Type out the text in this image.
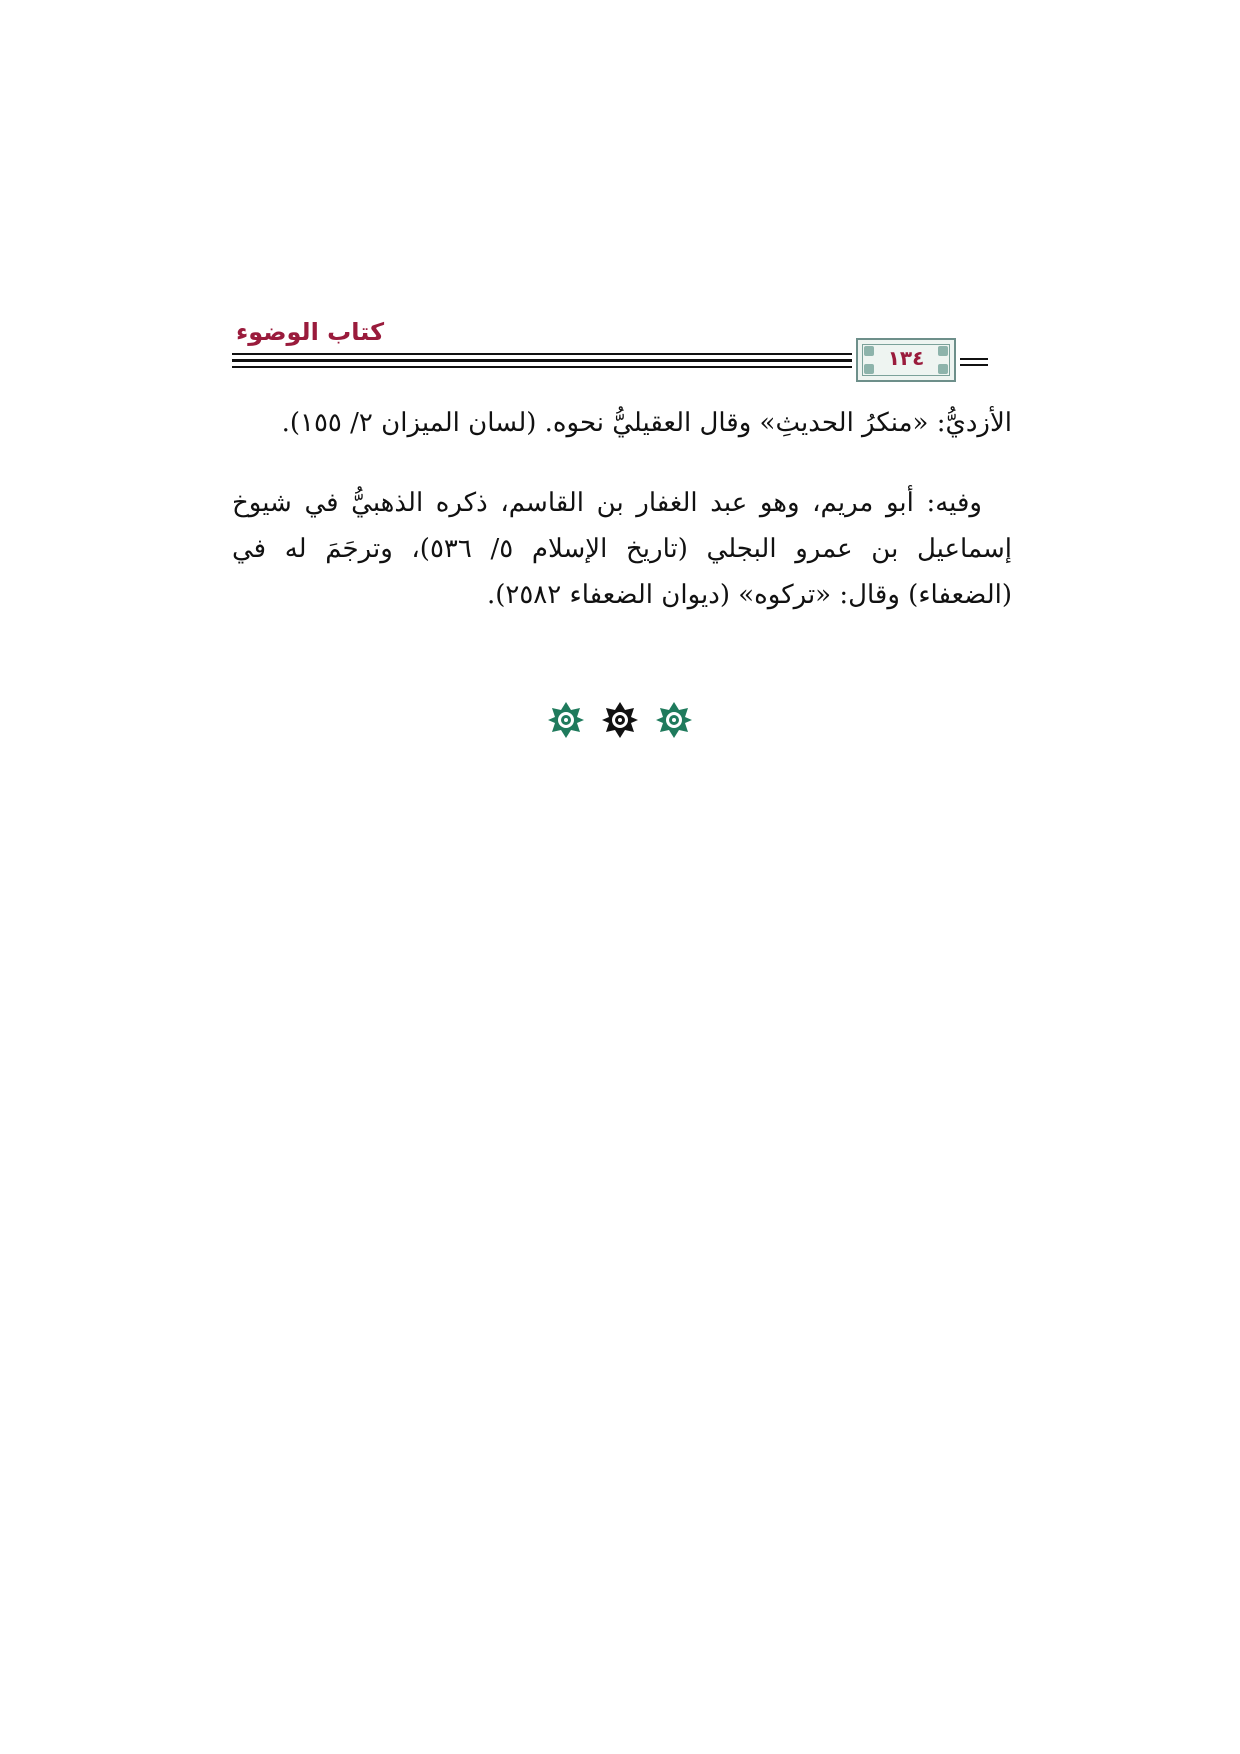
كتاب الوضوء
١٣٤
الأزديُّ: «منكرُ الحديثِ» وقال العقيليُّ نحوه. (لسان الميزان ٢/ ١٥٥).
وفيه: أبو مريم، وهو عبد الغفار بن القاسم، ذكره الذهبيُّ في شيوخ
إسماعيل بن عمرو البجلي (تاريخ الإسلام ٥/ ٥٣٦)، وترجَمَ له في
(الضعفاء) وقال: «تركوه» (ديوان الضعفاء ٢٥٨٢).
